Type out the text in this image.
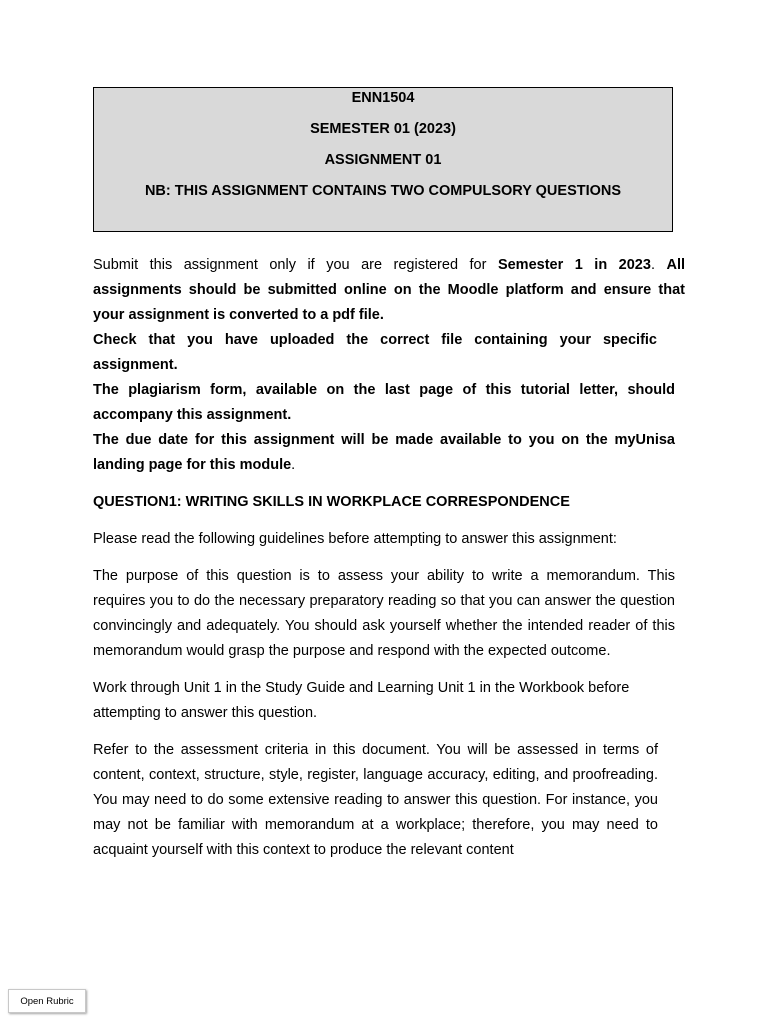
ENN1504
SEMESTER 01 (2023)
ASSIGNMENT 01
NB: THIS ASSIGNMENT CONTAINS TWO COMPULSORY QUESTIONS
Submit this assignment only if you are registered for Semester 1 in 2023. All
assignments should be submitted online on the Moodle platform and ensure that
your assignment is converted to a pdf file.
Check that you have uploaded the correct file containing your specific
assignment.
The plagiarism form, available on the last page of this tutorial letter, should
accompany this assignment.
The due date for this assignment will be made available to you on the myUnisa
landing page for this module.

QUESTION1: WRITING SKILLS IN WORKPLACE CORRESPONDENCE

Please read the following guidelines before attempting to answer this assignment:

The purpose of this question is to assess your ability to write a memorandum. This requires you to do the necessary preparatory reading so that you can answer the question convincingly and adequately. You should ask yourself whether the intended reader of this memorandum would grasp the purpose and respond with the expected outcome.

Work through Unit 1 in the Study Guide and Learning Unit 1 in the Workbook before attempting to answer this question.

Refer to the assessment criteria in this document. You will be assessed in terms of content, context, structure, style, register, language accuracy, editing, and proofreading. You may need to do some extensive reading to answer this question. For instance, you may not be familiar with memorandum at a workplace; therefore, you may need to acquaint yourself with this context to produce the relevant content

Open Rubric
